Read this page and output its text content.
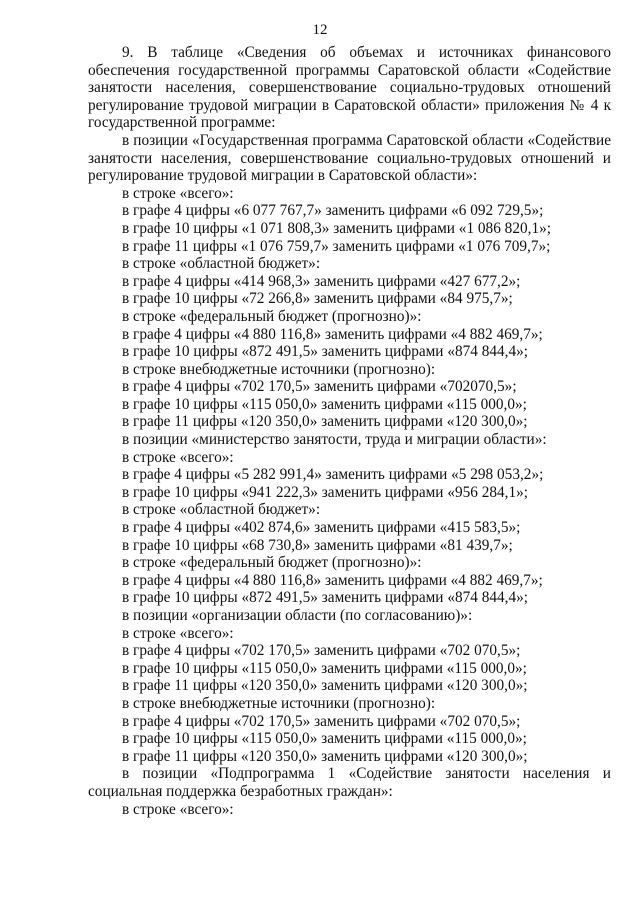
12

9. В таблице «Сведения об объемах и источниках финансового обеспечения государственной программы Саратовской области «Содействие занятости населения, совершенствование социально-трудовых отношений регулирование трудовой миграции в Саратовской области» приложения № 4 к государственной программе:

в позиции «Государственная программа Саратовской области «Содействие занятости населения, совершенствование социально-трудовых отношений и регулирование трудовой миграции в Саратовской области»:

в строке «всего»:

в графе 4 цифры «6 077 767,7» заменить цифрами «6 092 729,5»;

в графе 10 цифры «1 071 808,3» заменить цифрами «1 086 820,1»;

в графе 11 цифры «1 076 759,7» заменить цифрами «1 076 709,7»;

в строке «областной бюджет»:

в графе 4 цифры «414 968,3» заменить цифрами «427 677,2»;

в графе 10 цифры «72 266,8» заменить цифрами «84 975,7»;

в строке «федеральный бюджет (прогнозно)»:

в графе 4 цифры «4 880 116,8» заменить цифрами «4 882 469,7»;

в графе 10 цифры «872 491,5» заменить цифрами «874 844,4»;

в строке внебюджетные источники (прогнозно):

в графе 4 цифры «702 170,5» заменить цифрами «702070,5»;

в графе 10 цифры «115 050,0» заменить цифрами «115 000,0»;

в графе 11 цифры «120 350,0» заменить цифрами «120 300,0»;

в позиции «министерство занятости, труда и миграции области»:

в строке «всего»:

в графе 4 цифры «5 282 991,4» заменить цифрами «5 298 053,2»;

в графе 10 цифры «941 222,3» заменить цифрами «956 284,1»;

в строке «областной бюджет»:

в графе 4 цифры «402 874,6» заменить цифрами «415 583,5»;

в графе 10 цифры «68 730,8» заменить цифрами «81 439,7»;

в строке «федеральный бюджет (прогнозно)»:

в графе 4 цифры «4 880 116,8» заменить цифрами «4 882 469,7»;

в графе 10 цифры «872 491,5» заменить цифрами «874 844,4»;

в позиции «организации области (по согласованию)»:

в строке «всего»:

в графе 4 цифры «702 170,5» заменить цифрами «702 070,5»;

в графе 10 цифры «115 050,0» заменить цифрами «115 000,0»;

в графе 11 цифры «120 350,0» заменить цифрами «120 300,0»;

в строке внебюджетные источники (прогнозно):

в графе 4 цифры «702 170,5» заменить цифрами «702 070,5»;

в графе 10 цифры «115 050,0» заменить цифрами «115 000,0»;

в графе 11 цифры «120 350,0» заменить цифрами «120 300,0»;

в позиции «Подпрограмма 1 «Содействие занятости населения и социальная поддержка безработных граждан»:

в строке «всего»:
